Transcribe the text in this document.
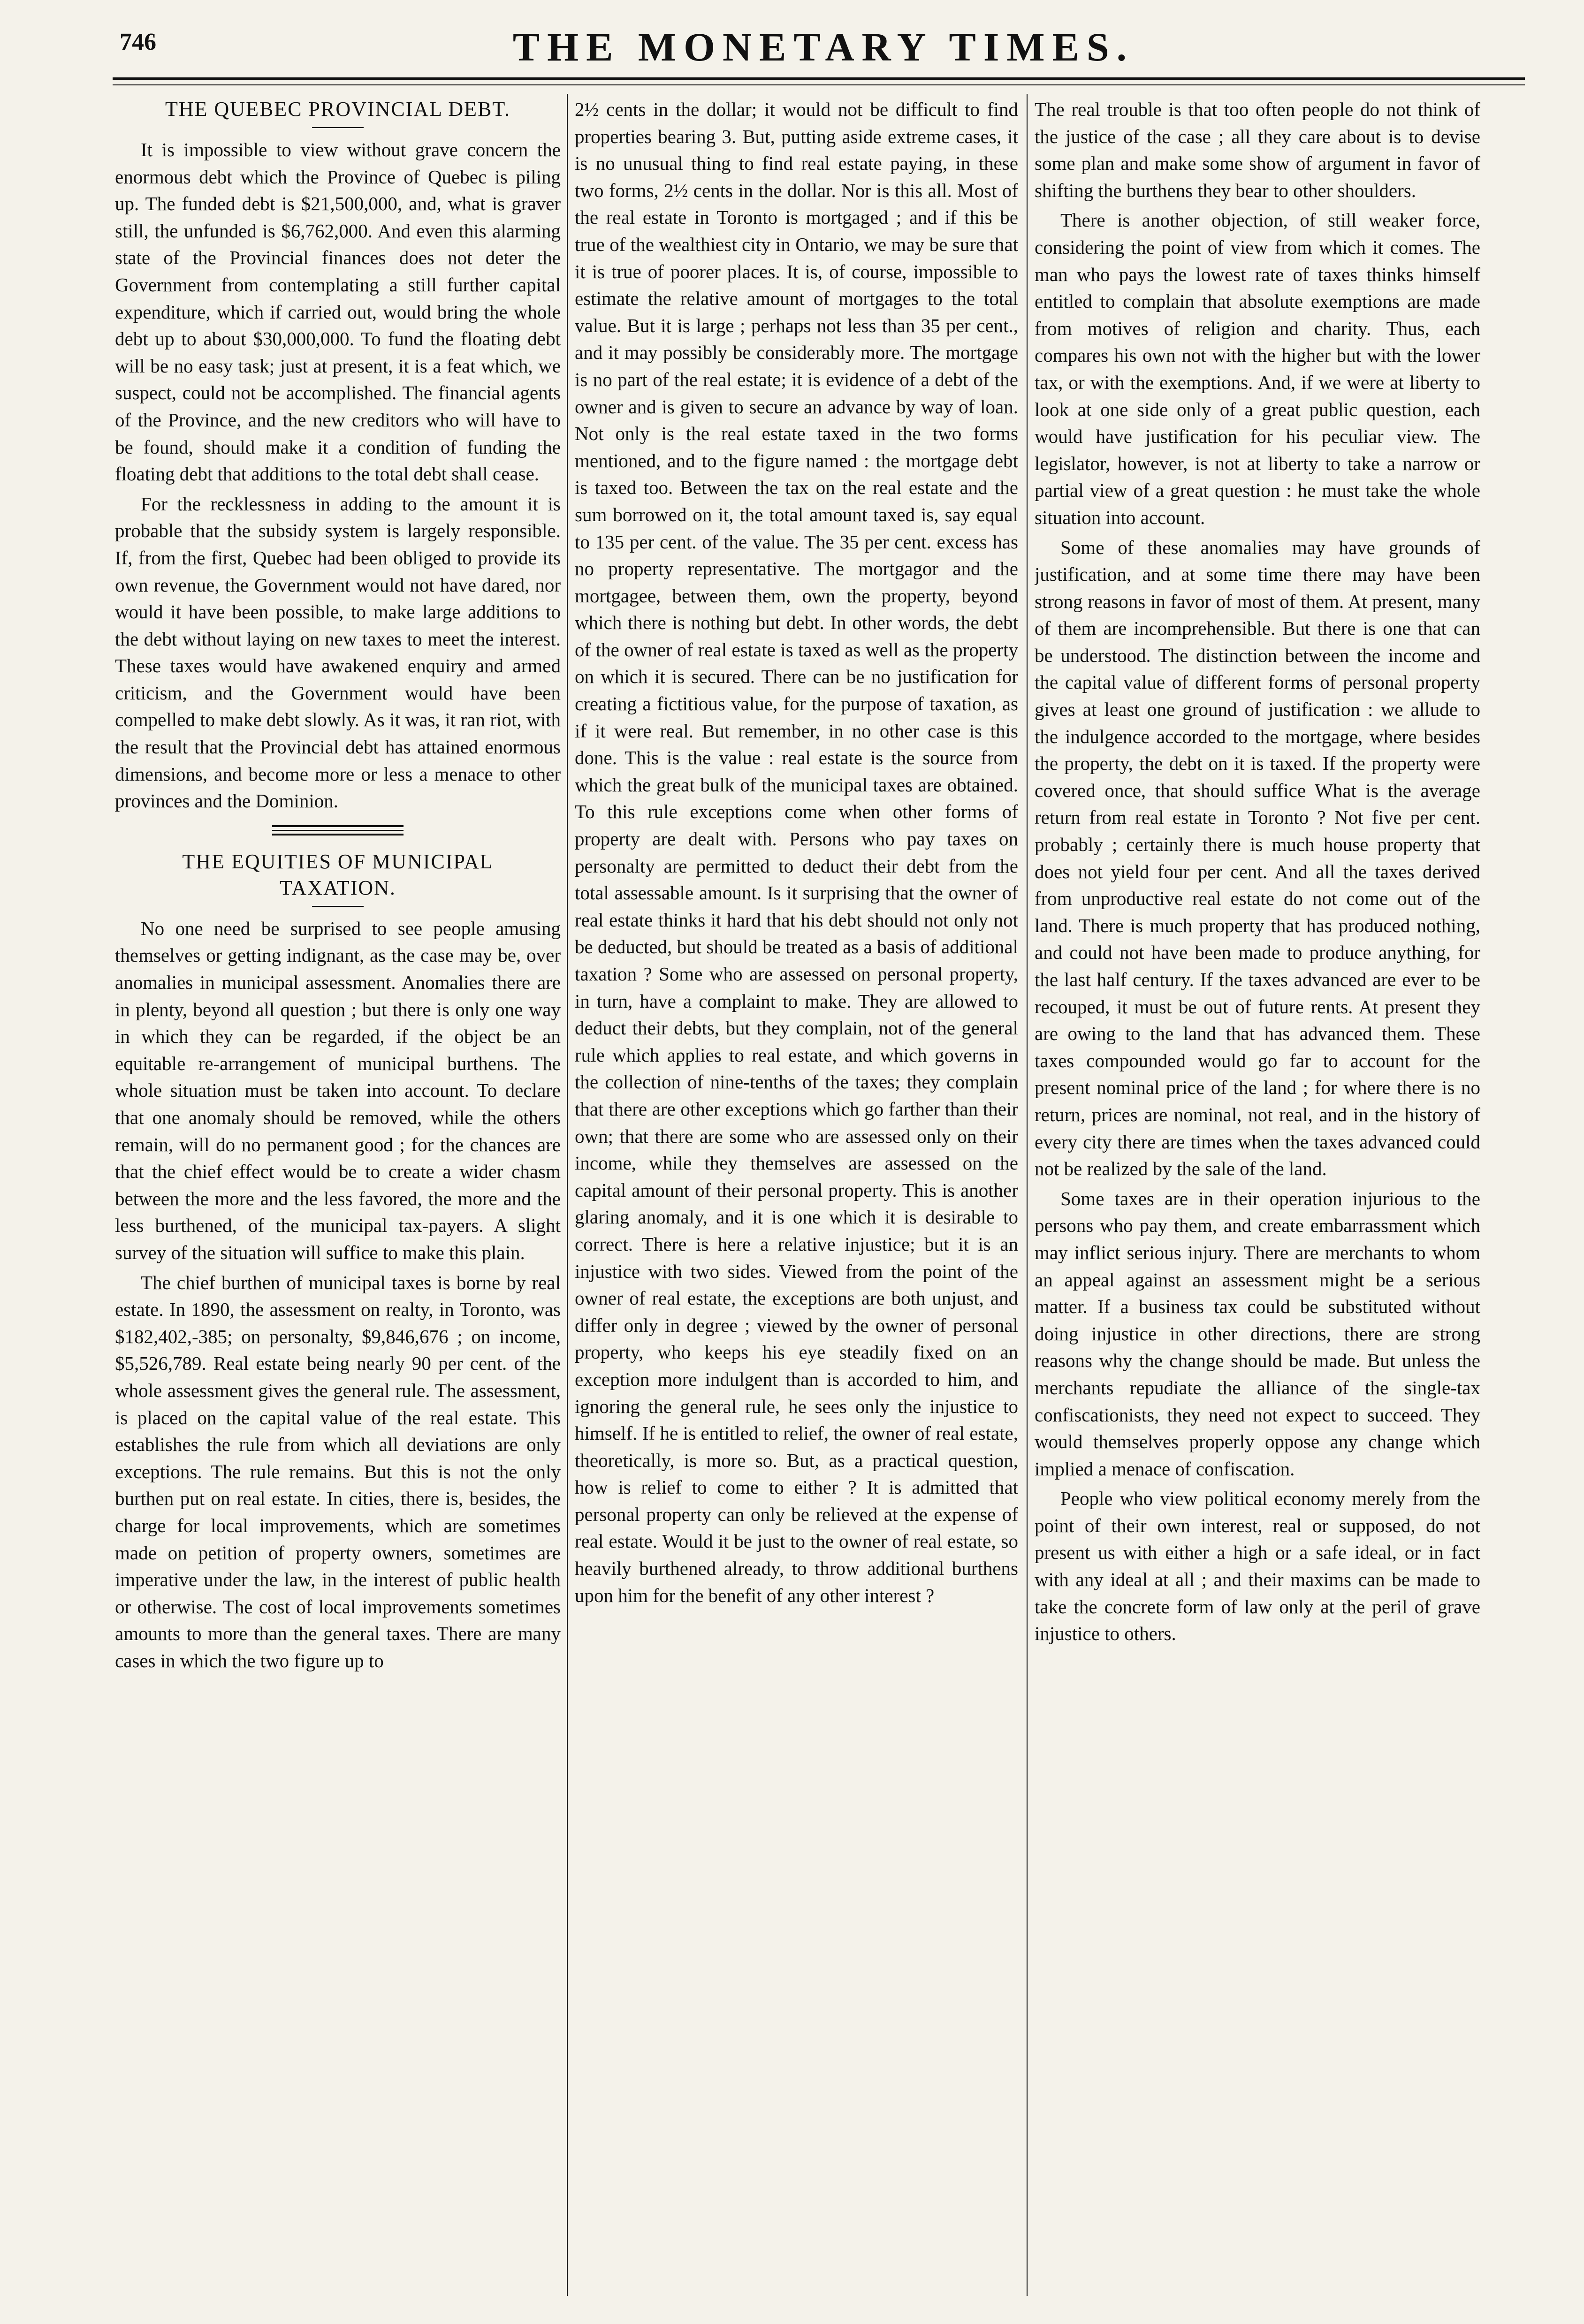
746	THE MONETARY TIMES.
THE QUEBEC PROVINCIAL DEBT.

It is impossible to view without grave concern the enormous debt which the Province of Quebec is piling up. The funded debt is $21,500,000, and, what is graver still, the unfunded is $6,762,000. And even this alarming state of the Provincial finances does not deter the Government from contemplating a still further capital expenditure, which if carried out, would bring the whole debt up to about $30,000,000. To fund the floating debt will be no easy task; just at present, it is a feat which, we suspect, could not be accomplished. The financial agents of the Province, and the new creditors who will have to be found, should make it a condition of funding the floating debt that additions to the total debt shall cease.

For the recklessness in adding to the amount it is probable that the subsidy system is largely responsible. If, from the first, Quebec had been obliged to provide its own revenue, the Government would not have dared, nor would it have been possible, to make large additions to the debt without laying on new taxes to meet the interest. These taxes would have awakened enquiry and armed criticism, and the Government would have been compelled to make debt slowly. As it was, it ran riot, with the result that the Provincial debt has attained enormous dimensions, and become more or less a menace to other provinces and the Dominion.

THE EQUITIES OF MUNICIPAL
TAXATION.

No one need be surprised to see people amusing themselves or getting indignant, as the case may be, over anomalies in municipal assessment. Anomalies there are in plenty, beyond all question ; but there is only one way in which they can be regarded, if the object be an equitable re-arrangement of municipal burthens. The whole situation must be taken into account. To declare that one anomaly should be removed, while the others remain, will do no permanent good ; for the chances are that the chief effect would be to create a wider chasm between the more and the less favored, the more and the less burthened, of the municipal tax-payers. A slight survey of the situation will suffice to make this plain.

The chief burthen of municipal taxes is borne by real estate. In 1890, the assessment on realty, in Toronto, was $182,402,-385; on personalty, $9,846,676 ; on income, $5,526,789. Real estate being nearly 90 per cent. of the whole assessment gives the general rule. The assessment, is placed on the capital value of the real estate. This establishes the rule from which all deviations are only exceptions. The rule remains. But this is not the only burthen put on real estate. In cities, there is, besides, the charge for local improvements, which are sometimes made on petition of property owners, sometimes are imperative under the law, in the interest of public health or otherwise. The cost of local improvements sometimes amounts to more than the general taxes. There are many cases in which the two figure up to

2½ cents in the dollar; it would not be difficult to find properties bearing 3. But, putting aside extreme cases, it is no unusual thing to find real estate paying, in these two forms, 2½ cents in the dollar. Nor is this all. Most of the real estate in Toronto is mortgaged ; and if this be true of the wealthiest city in Ontario, we may be sure that it is true of poorer places. It is, of course, impossible to estimate the relative amount of mortgages to the total value. But it is large ; perhaps not less than 35 per cent., and it may possibly be considerably more. The mortgage is no part of the real estate; it is evidence of a debt of the owner and is given to secure an advance by way of loan. Not only is the real estate taxed in the two forms mentioned, and to the figure named : the mortgage debt is taxed too. Between the tax on the real estate and the sum borrowed on it, the total amount taxed is, say equal to 135 per cent. of the value. The 35 per cent. excess has no property representative. The mortgagor and the mortgagee, between them, own the property, beyond which there is nothing but debt. In other words, the debt of the owner of real estate is taxed as well as the property on which it is secured. There can be no justification for creating a fictitious value, for the purpose of taxation, as if it were real. But remember, in no other case is this done. This is the value : real estate is the source from which the great bulk of the municipal taxes are obtained. To this rule exceptions come when other forms of property are dealt with. Persons who pay taxes on personalty are permitted to deduct their debt from the total assessable amount. Is it surprising that the owner of real estate thinks it hard that his debt should not only not be deducted, but should be treated as a basis of additional taxation ? Some who are assessed on personal property, in turn, have a complaint to make. They are allowed to deduct their debts, but they complain, not of the general rule which applies to real estate, and which governs in the collection of nine-tenths of the taxes; they complain that there are other exceptions which go farther than their own; that there are some who are assessed only on their income, while they themselves are assessed on the capital amount of their personal property. This is another glaring anomaly, and it is one which it is desirable to correct. There is here a relative injustice; but it is an injustice with two sides. Viewed from the point of the owner of real estate, the exceptions are both unjust, and differ only in degree ; viewed by the owner of personal property, who keeps his eye steadily fixed on an exception more indulgent than is accorded to him, and ignoring the general rule, he sees only the injustice to himself. If he is entitled to relief, the owner of real estate, theoretically, is more so. But, as a practical question, how is relief to come to either ? It is admitted that personal property can only be relieved at the expense of real estate. Would it be just to the owner of real estate, so heavily burthened already, to throw additional burthens upon him for the benefit of any other interest ?

The real trouble is that too often people do not think of the justice of the case ; all they care about is to devise some plan and make some show of argument in favor of shifting the burthens they bear to other shoulders.

There is another objection, of still weaker force, considering the point of view from which it comes. The man who pays the lowest rate of taxes thinks himself entitled to complain that absolute exemptions are made from motives of religion and charity. Thus, each compares his own not with the higher but with the lower tax, or with the exemptions. And, if we were at liberty to look at one side only of a great public question, each would have justification for his peculiar view. The legislator, however, is not at liberty to take a narrow or partial view of a great question : he must take the whole situation into account.

Some of these anomalies may have grounds of justification, and at some time there may have been strong reasons in favor of most of them. At present, many of them are incomprehensible. But there is one that can be understood. The distinction between the income and the capital value of different forms of personal property gives at least one ground of justification : we allude to the indulgence accorded to the mortgage, where besides the property, the debt on it is taxed. If the property were covered once, that should suffice What is the average return from real estate in Toronto ? Not five per cent. probably ; certainly there is much house property that does not yield four per cent. And all the taxes derived from unproductive real estate do not come out of the land. There is much property that has produced nothing, and could not have been made to produce anything, for the last half century. If the taxes advanced are ever to be recouped, it must be out of future rents. At present they are owing to the land that has advanced them. These taxes compounded would go far to account for the present nominal price of the land ; for where there is no return, prices are nominal, not real, and in the history of every city there are times when the taxes advanced could not be realized by the sale of the land.

Some taxes are in their operation injurious to the persons who pay them, and create embarrassment which may inflict serious injury. There are merchants to whom an appeal against an assessment might be a serious matter. If a business tax could be substituted without doing injustice in other directions, there are strong reasons why the change should be made. But unless the merchants repudiate the alliance of the single-tax confiscationists, they need not expect to succeed. They would themselves properly oppose any change which implied a menace of confiscation.

People who view political economy merely from the point of their own interest, real or supposed, do not present us with either a high or a safe ideal, or in fact with any ideal at all ; and their maxims can be made to take the concrete form of law only at the peril of grave injustice to others.
